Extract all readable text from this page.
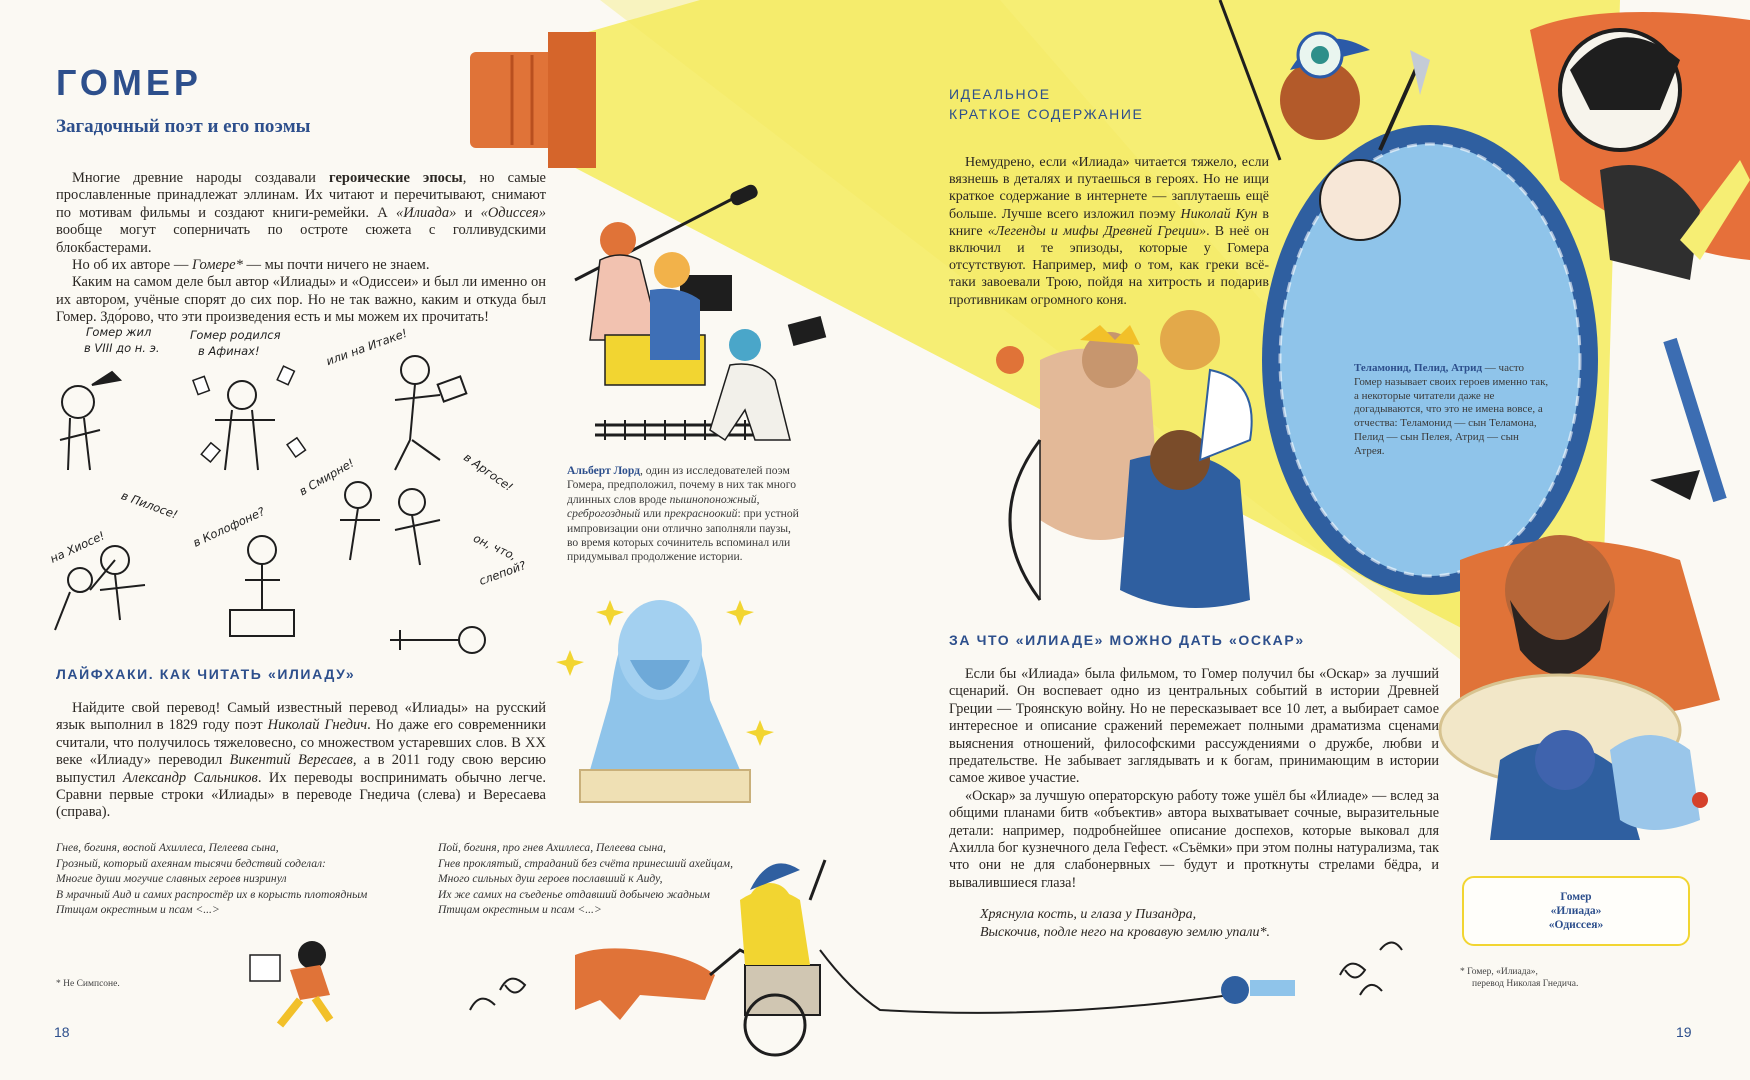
ГОМЕР
Загадочный поэт и его поэмы

Многие древние народы создавали героические эпосы, но самые прославленные принадлежат эллинам. Их читают и перечитывают, снимают по мотивам фильмы и создают книги-ремейки. А «Илиада» и «Одиссея» вообще могут соперничать по остроте сюжета с голливудскими блокбастерами.

Но об их авторе — Гомере* — мы почти ничего не знаем.

Каким на самом деле был автор «Илиады» и «Одиссеи» и был ли именно он их автором, учёные спорят до сих пор. Но не так важно, каким и откуда был Гомер. Здо́рово, что эти произведения есть и мы можем их прочитать!

Гомер жил
в VIII до н. э.
Гомер родился
в Афинах!	или на Итаке!
на Хиосе!
в Пилосе! в Колофоне?
в Смирне!	в Аргосе!
он, что,
слепой?

Альберт Лорд, один из исследователей поэм Гомера, предположил, почему в них так много длинных слов вроде пышнопоножный, среброгоздный или прекрасноокий: при устной импровизации они отлично заполняли паузы, во время которых сочинитель вспоминал или придумывал продолжение истории.

ЛАЙФХАКИ. КАК ЧИТАТЬ «ИЛИАДУ»

Найдите свой перевод! Самый известный перевод «Илиады» на русский язык выполнил в 1829 году поэт Николай Гнедич. Но даже его современники считали, что получилось тяжеловесно, со множеством устаревших слов. В XX веке «Илиаду» переводил Викентий Вересаев, а в 2011 году свою версию выпустил Александр Сальников. Их переводы воспринимать обычно легче. Сравни первые строки «Илиады» в переводе Гнедича (слева) и Вересаева (справа).

Гнев, богиня, воспой Ахиллеса, Пелеева сына,
Грозный, который ахеянам тысячи бедствий соделал:
Многие души могучие славных героев низринул
В мрачный Аид и самих распростёр их в корысть плотоядным
Птицам окрестным и псам <...>
Пой, богиня, про гнев Ахиллеса, Пелеева сына,
Гнев проклятый, страданий без счёта принесший ахейцам,
Много сильных душ героев пославший к Аиду,
Их же самих на съеденье отдавший добычею жадным
Птицам окрестным и псам <...>

* Не Симпсоне.

18
ИДЕАЛЬНОЕ
КРАТКОЕ СОДЕРЖАНИЕ

Немудрено, если «Илиада» читается тяжело, если вязнешь в деталях и путаешься в героях. Но не ищи краткое содержание в интернете — заплутаешь ещё больше. Лучше всего изложил поэму Николай Кун в книге «Легенды и мифы Древней Греции». В неё он включил и те эпизоды, которые у Гомера отсутствуют. Например, миф о том, как греки всё-таки завоевали Трою, пойдя на хитрость и подарив противникам огромного коня.

Теламонид, Пелид, Атрид — часто Гомер называет своих героев именно так, а некоторые читатели даже не догадываются, что это не имена вовсе, а отчества: Теламонид — сын Теламона, Пелид — сын Пелея, Атрид — сын Атрея.

ЗА ЧТО «ИЛИАДЕ» МОЖНО ДАТЬ «ОСКАР»

Если бы «Илиада» была фильмом, то Гомер получил бы «Оскар» за лучший сценарий. Он воспевает одно из центральных событий в истории Древней Греции — Троянскую войну. Но не пересказывает все 10 лет, а выбирает самое интересное и описание сражений перемежает полными драматизма сценами выяснения отношений, философскими рассуждениями о дружбе, любви и предательстве. Не забывает заглядывать и к богам, принимающим в истории самое живое участие.

«Оскар» за лучшую операторскую работу тоже ушёл бы «Илиаде» — вслед за общими планами битв «объектив» автора выхватывает сочные, выразительные детали: например, подробнейшее описание доспехов, которые выковал для Ахилла бог кузнечного дела Гефест. «Съёмки» при этом полны натурализма, так что они не для слабонервных — будут и проткнуты стрелами бёдра, и вывалившиеся глаза!

Хряснула кость, и глаза у Пизандра,
Выскочив, подле него на кровавую землю упали*.
Гомер
«Илиада»
«Одиссея»
* Гомер, «Илиада»,
перевод Николая Гнедича.
19
